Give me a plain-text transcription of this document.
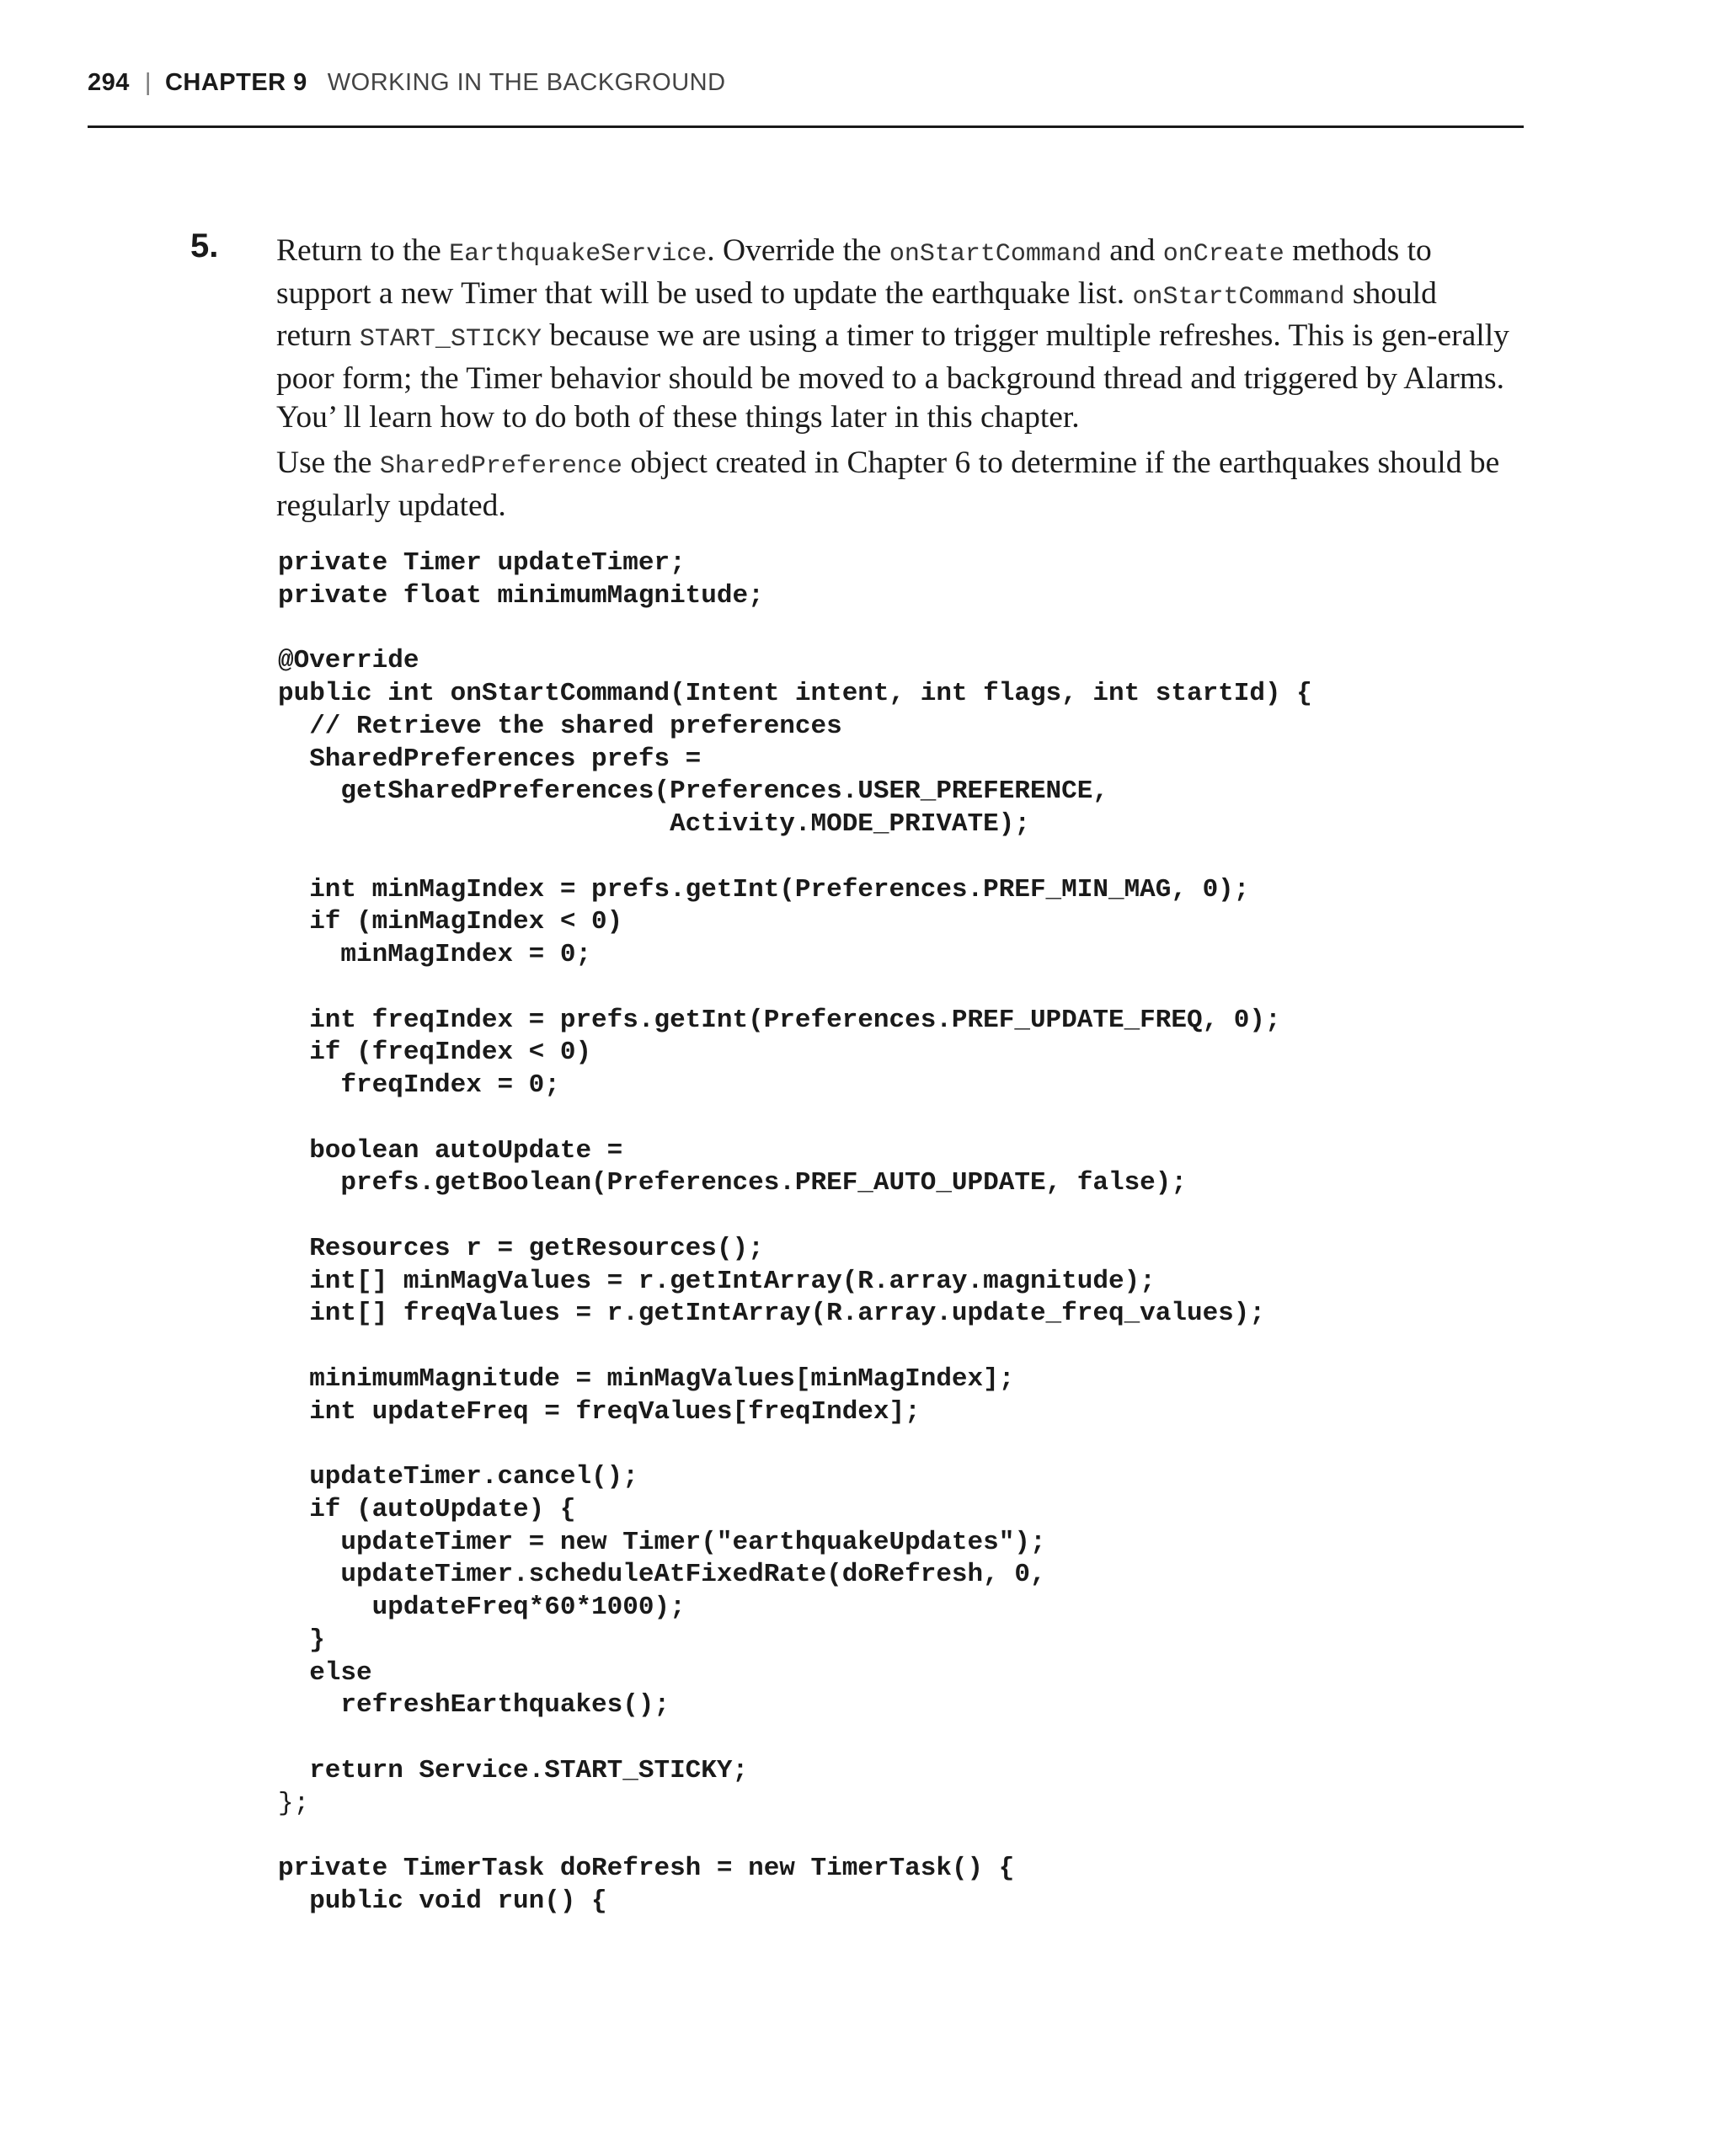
294 | CHAPTER 9 WORKING IN THE BACKGROUND
5. Return to the EarthquakeService. Override the onStartCommand and onCreate methods to support a new Timer that will be used to update the earthquake list. onStartCommand should return START_STICKY because we are using a timer to trigger multiple refreshes. This is gen-erally poor form; the Timer behavior should be moved to a background thread and triggered by Alarms. You’ ll learn how to do both of these things later in this chapter.

Use the SharedPreference object created in Chapter 6 to determine if the earthquakes should be regularly updated.

private Timer updateTimer;
private float minimumMagnitude;
@Override
public int onStartCommand(Intent intent, int flags, int startId) {
// Retrieve the shared preferences
SharedPreferences prefs =
getSharedPreferences(Preferences.USER_PREFERENCE,
Activity.MODE_PRIVATE);
int minMagIndex = prefs.getInt(Preferences.PREF_MIN_MAG, 0);
if (minMagIndex < 0)
minMagIndex = 0;
int freqIndex = prefs.getInt(Preferences.PREF_UPDATE_FREQ, 0);
if (freqIndex < 0)
freqIndex = 0;
boolean autoUpdate =
prefs.getBoolean(Preferences.PREF_AUTO_UPDATE, false);
Resources r = getResources();
int[] minMagValues = r.getIntArray(R.array.magnitude);
int[] freqValues = r.getIntArray(R.array.update_freq_values);
minimumMagnitude = minMagValues[minMagIndex];
int updateFreq = freqValues[freqIndex];
updateTimer.cancel();
if (autoUpdate) {
updateTimer = new Timer("earthquakeUpdates");
updateTimer.scheduleAtFixedRate(doRefresh, 0,
updateFreq*60*1000);
}
else
refreshEarthquakes();
return Service.START_STICKY;
};
private TimerTask doRefresh = new TimerTask() {
public void run() {
